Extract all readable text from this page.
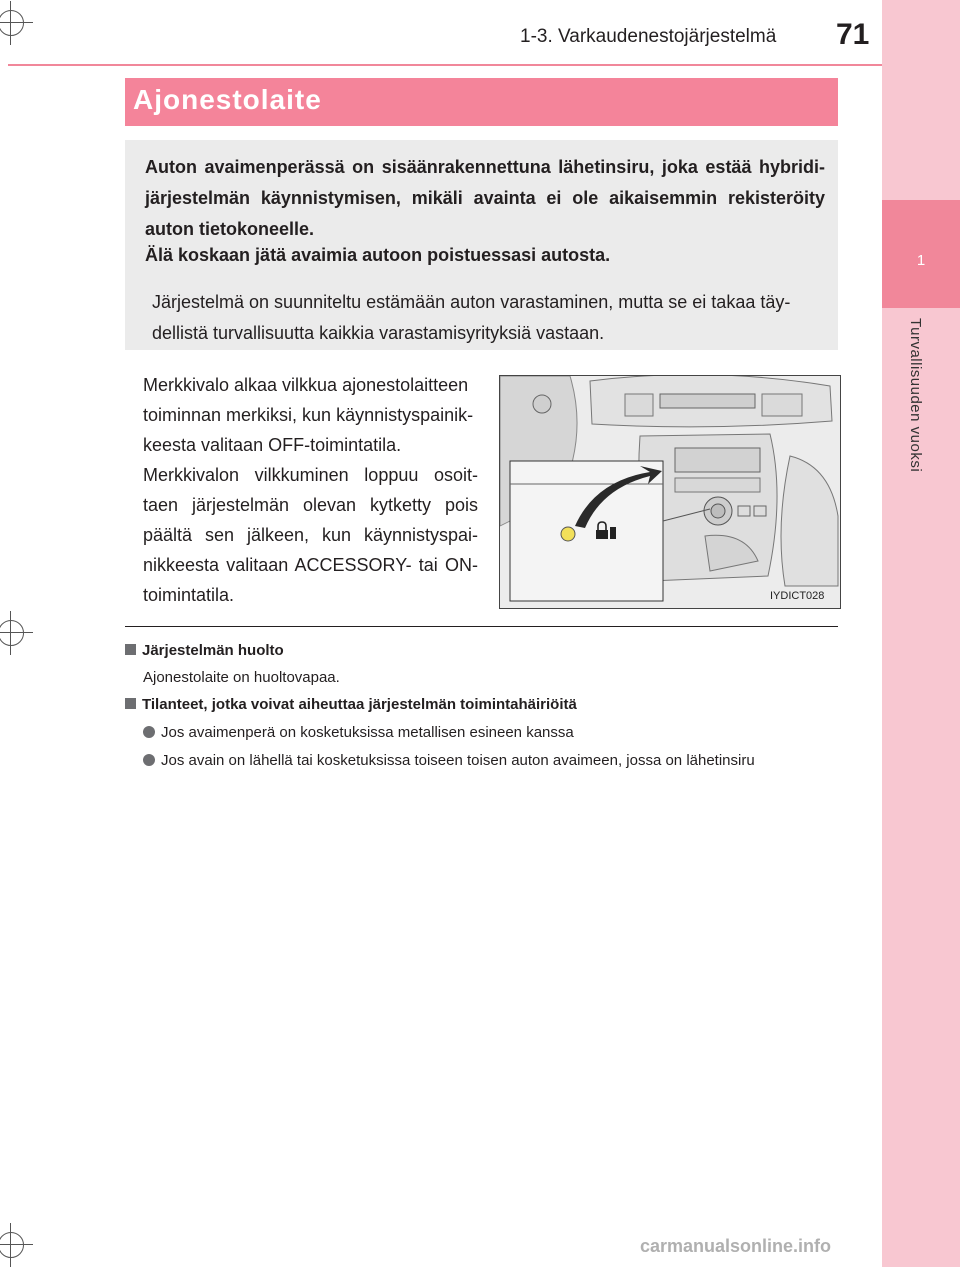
1
Turvallisuuden vuoksi
1-3. Varkaudenestojärjestelmä 71
Ajonestolaite
Auton avaimenperässä on sisäänrakennettuna lähetinsiru, joka estää hybridi-järjestelmän käynnistymisen, mikäli avainta ei ole aikaisemmin rekisteröity auton tietokoneelle.
Älä koskaan jätä avaimia autoon poistuessasi autosta.
Järjestelmä on suunniteltu estämään auton varastaminen, mutta se ei takaa täy-dellistä turvallisuutta kaikkia varastamisyrityksiä vastaan.
Merkkivalo alkaa vilkkua ajonestolaitteen toiminnan merkiksi, kun käynnistyspainik-keesta valitaan OFF-toimintatila.
Merkkivalon vilkkuminen loppuu osoit-taen järjestelmän olevan kytketty pois päältä sen jälkeen, kun käynnistyspai-nikkeesta valitaan ACCESSORY- tai ON-toimintatila.	IYDICT028
Järjestelmän huolto
Ajonestolaite on huoltovapaa.
Tilanteet, jotka voivat aiheuttaa järjestelmän toimintahäiriöitä
Jos avaimenperä on kosketuksissa metallisen esineen kanssa
Jos avain on lähellä tai kosketuksissa toiseen toisen auton avaimeen, jossa on lähetinsiru
carmanualsonline.info
